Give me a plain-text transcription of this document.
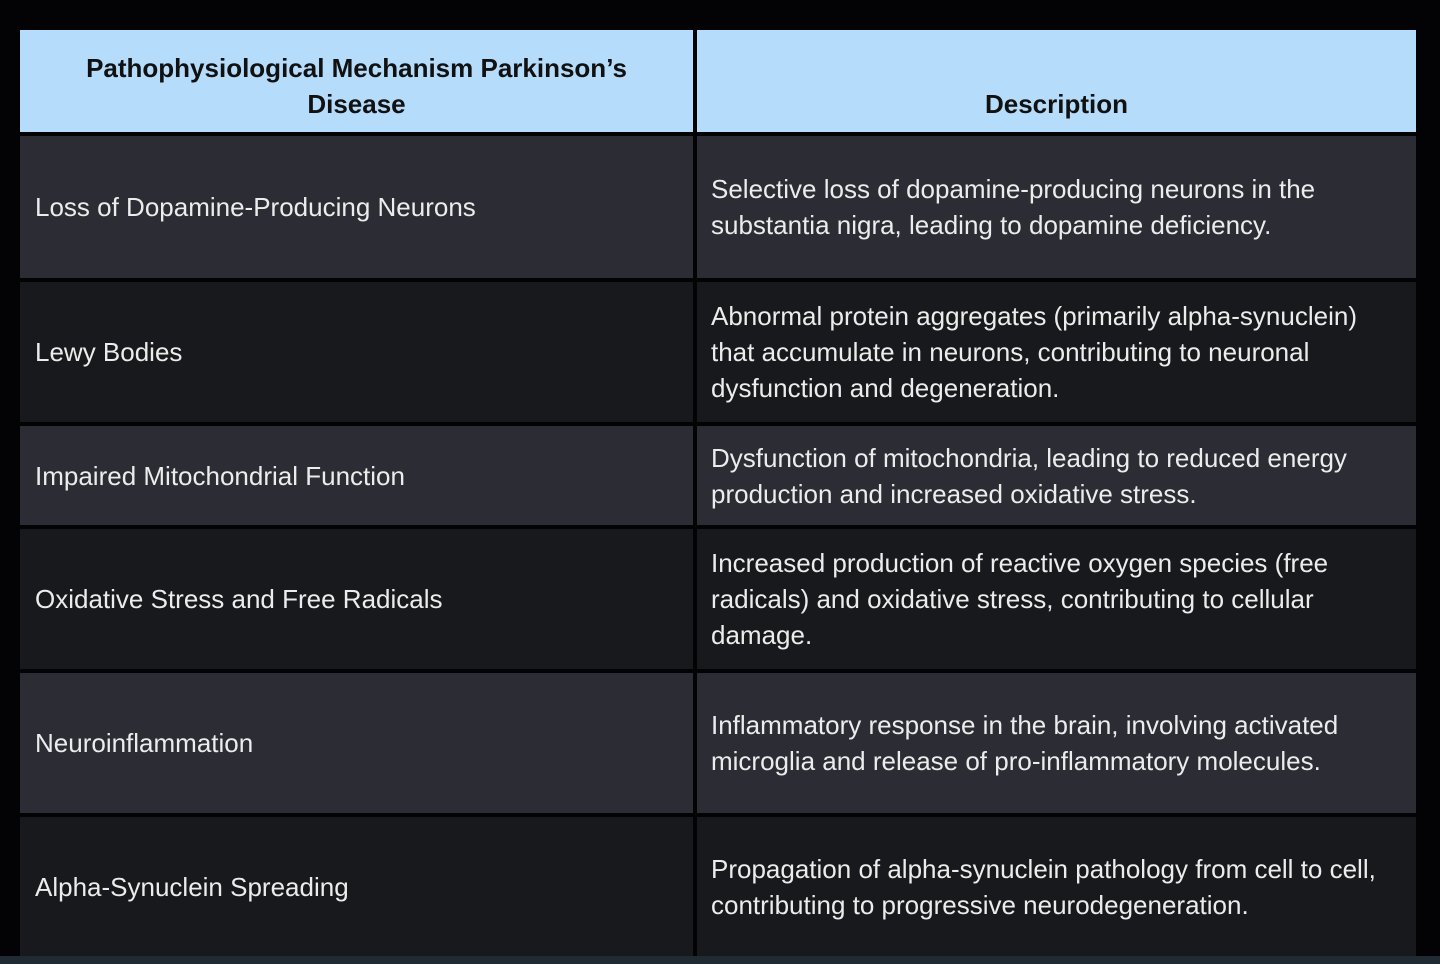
Pathophysiological Mechanism Parkinson’s Disease	Description
Loss of Dopamine-Producing Neurons
Selective loss of dopamine-producing neurons in the substantia nigra, leading to dopamine deficiency.
Lewy Bodies
Abnormal protein aggregates (primarily alpha-synuclein) that accumulate in neurons, contributing to neuronal dysfunction and degeneration.
Impaired Mitochondrial Function
Dysfunction of mitochondria, leading to reduced energy production and increased oxidative stress.
Oxidative Stress and Free Radicals
Increased production of reactive oxygen species (free radicals) and oxidative stress, contributing to cellular damage.
Neuroinflammation
Inflammatory response in the brain, involving activated microglia and release of pro-inflammatory molecules.
Alpha-Synuclein Spreading
Propagation of alpha-synuclein pathology from cell to cell, contributing to progressive neurodegeneration.
